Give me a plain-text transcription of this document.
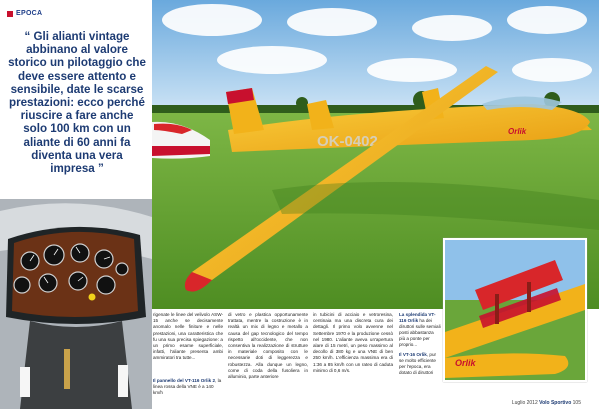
EPOCA
“ Gli alianti vintage abbinano al valore storico un pilotaggio che deve essere attento e sensibile, date le scarse prestazioni: ecco perché riuscire a fare anche solo 100 km con un aliante di 60 anni fa diventa una vera impresa ”
OK-0402
Orlik
rigenate le linee del velivolo ASW-15 anche se decisamente anomalo nelle finiture e nelle prestazioni, una caratteristica che fu una sua precisa spiegazione: a un primo esame superficiale, infatti, l'aliante presenta ambi ammiratori tra tutte...
di vetro e plastica opportunamente trattata, mentre la costruzione è in realtà un mix di legno e metallo a causa del gap tecnologico del tempo rispetto all'occidente, che non consentiva la realizzazione di strutture in materiale composito con le necessarie doti di leggerezza e robustezza. Alla dunque un legno, come di coda della fusoliera in alluminio, parte anteriore
in tubicini di acciaio e vetroresina, centinaia ma una discreta cura dei dettagli. Il primo volo avvenne nel Settembre 1970 e la produzione cessò nel 1980. L'aliante aveva un'apertura alare di 15 metri, un peso massimo al decollo di 380 kg e una VNE di ben 250 km/h. L'efficienza massima era di 1:36 a 85 km/h con un rateo di caduta minimo di 0,6 m/s.
Il pannello del VT-116 Orlik 2, la linea rossa della VNE è a 140 km/h
La splendida VT-116 Orlik ha dei diruttori sulle semiali posti abbastanza più a ponte per proprio...
Il VT-16 Orlik, pur se molto efficiente per l'epoca, era dotato di diruttori
Orlik
Luglio 2012 Volo Sportivo 105
